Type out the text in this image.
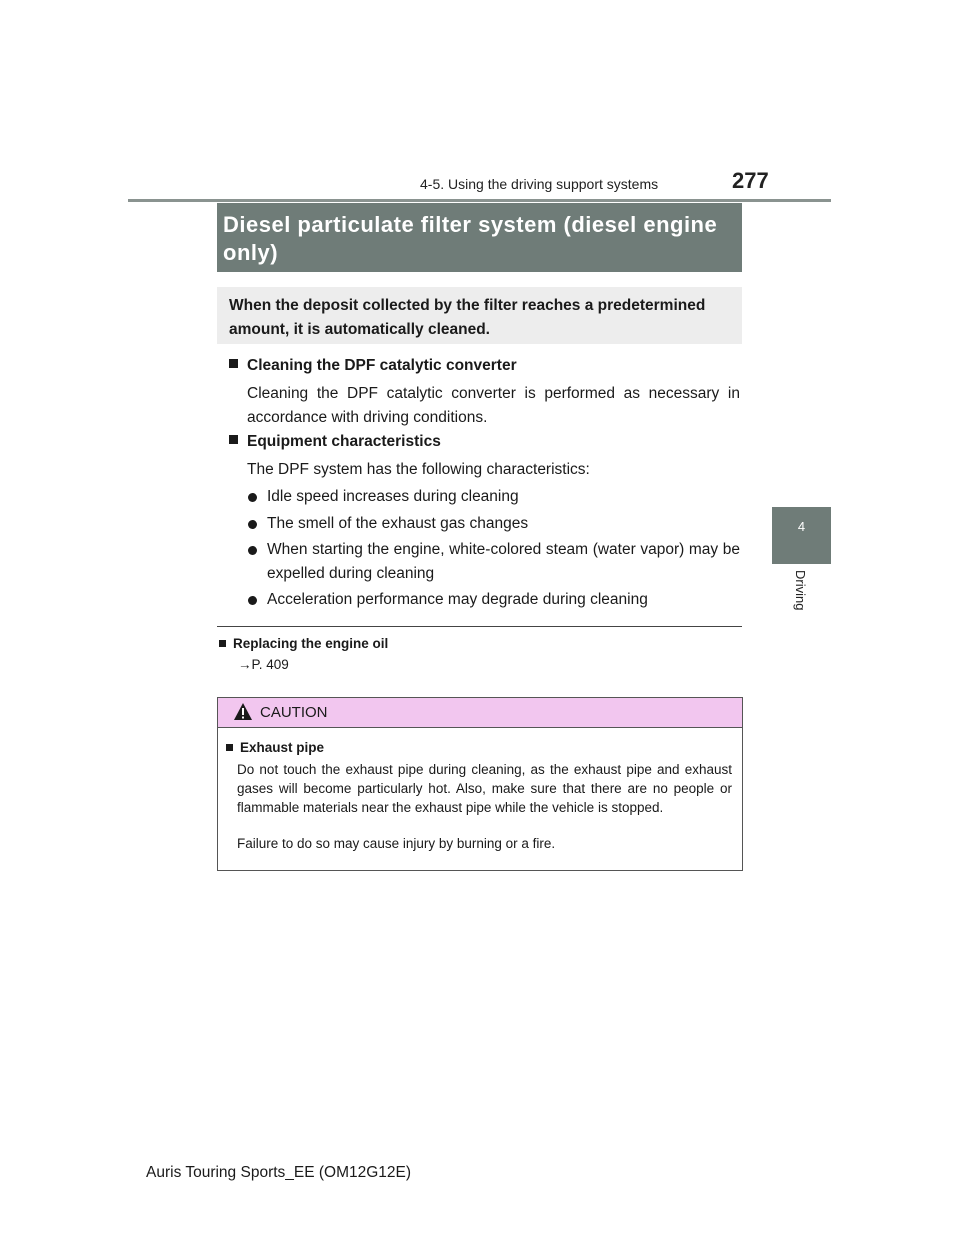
4-5. Using the driving support systems	277
Diesel particulate filter system (diesel engine only)
When the deposit collected by the filter reaches a predetermined amount, it is automatically cleaned.
4
Driving
Cleaning the DPF catalytic converter
Cleaning the DPF catalytic converter is performed as necessary in accordance with driving conditions.
Equipment characteristics
The DPF system has the following characteristics:
Idle speed increases during cleaning
The smell of the exhaust gas changes
When starting the engine, white-colored steam (water vapor) may be expelled during cleaning
Acceleration performance may degrade during cleaning
Replacing the engine oil
→P. 409
CAUTION
Exhaust pipe
Do not touch the exhaust pipe during cleaning, as the exhaust pipe and exhaust gases will become particularly hot. Also, make sure that there are no people or flammable materials near the exhaust pipe while the vehicle is stopped.
Failure to do so may cause injury by burning or a fire.
Auris Touring Sports_EE (OM12G12E)
